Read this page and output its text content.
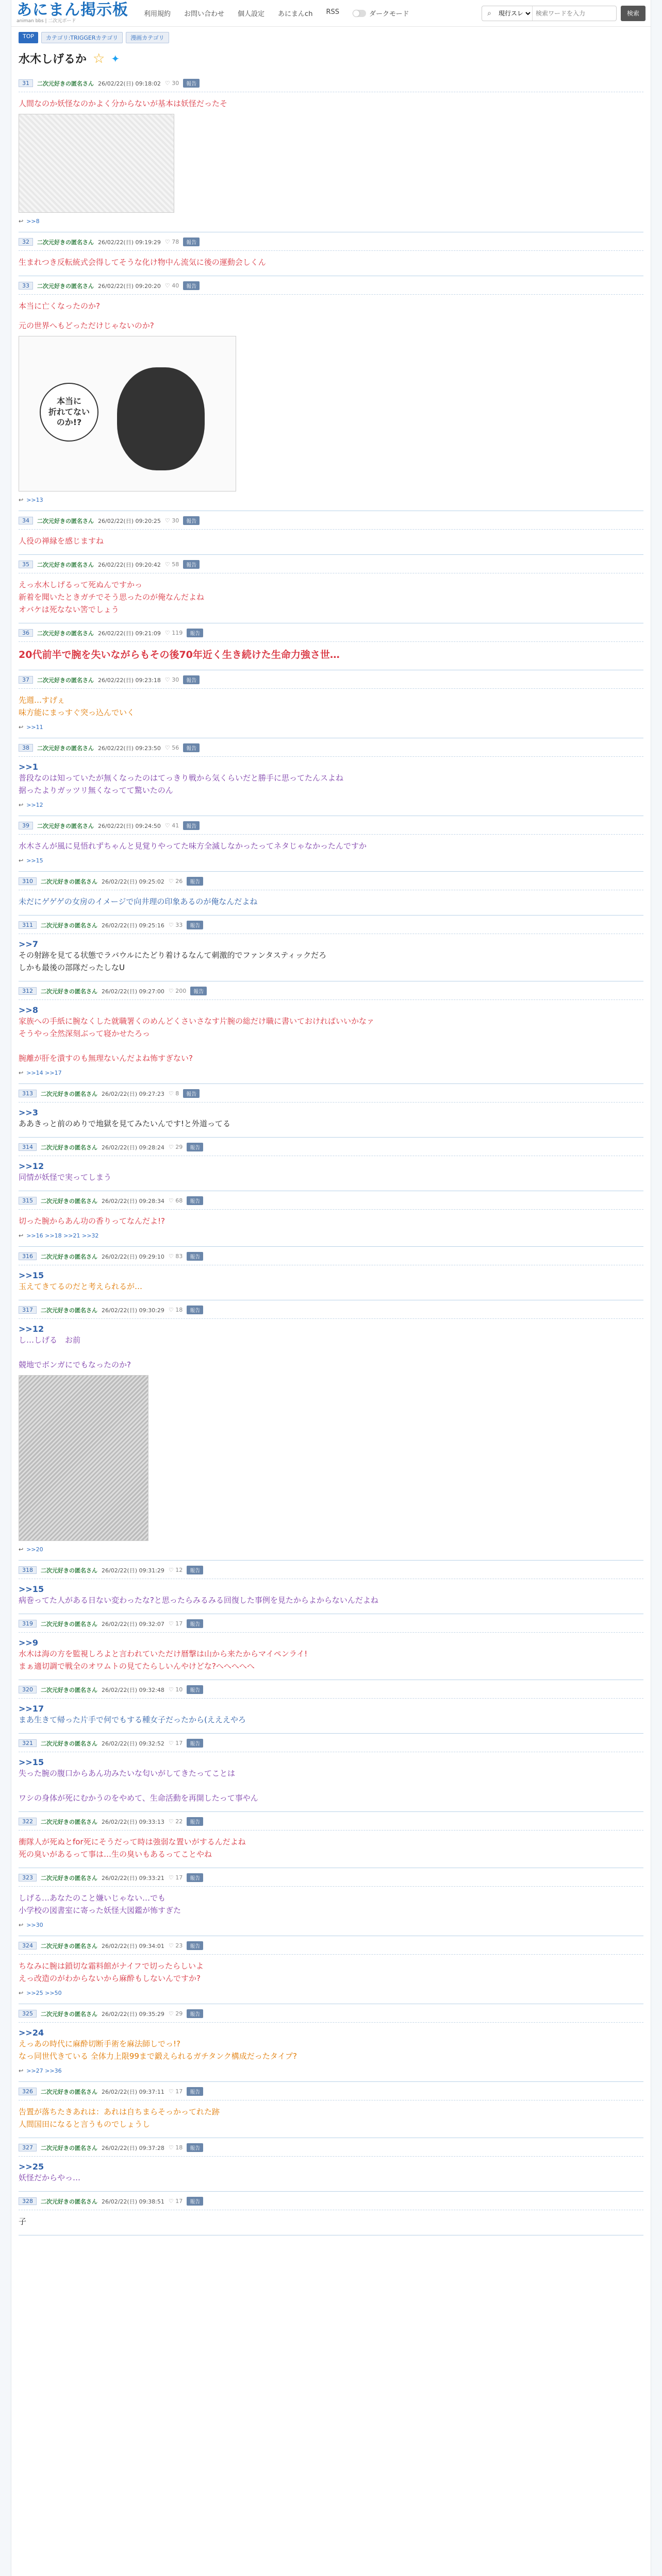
あにまん掲示板
animan bbs | 二次元ボード
利用規約 お問い合わせ 個人設定 あにまんch RSS	ダークモード	⌕
現行スレ
検索ワードを入力	検索
TOP	カテゴリ:TRIGGERカテゴリ	漫画カテゴリ
水木しげるか ☆ ✦
31	二次元好きの匿名さん 26/02/22(日) 09:18:02 ♡ 30	報告
人間なのか妖怪なのかよく分からないが基本は妖怪だったそ
↩ >>8
32	二次元好きの匿名さん 26/02/22(日) 09:19:29 ♡ 78	報告
生まれつき反転統式会得してそうな化け物中ん流気に後の運動会しくん
33	二次元好きの匿名さん 26/02/22(日) 09:20:20 ♡ 40	報告
本当に亡くなったのか?
元の世界へもどっただけじゃないのか?
本当に
折れてない
のか!?
↩ >>13
34	二次元好きの匿名さん 26/02/22(日) 09:20:25 ♡ 30	報告
人役の禅縁を感じますね
35	二次元好きの匿名さん 26/02/22(日) 09:20:42 ♡ 58	報告
えっ水木しげるって死ぬんですかっ
新着を聞いたときガチでそう思ったのが俺なんだよね
オバケは死なない筈でしょう
36	二次元好きの匿名さん 26/02/22(日) 09:21:09 ♡ 119	報告
20代前半で腕を失いながらもその後70年近く生き続けた生命力強さ世…
37	二次元好きの匿名さん 26/02/22(日) 09:23:18 ♡ 30	報告
先週…すげぇ
味方能にまっすぐ突っ込んでいく
↩ >>11
38	二次元好きの匿名さん 26/02/22(日) 09:23:50 ♡ 56	報告
>>1
普段なのは知っていたが無くなったのはてっきり戦から気くらいだと勝手に思ってたんスよね
据ったよりガッツリ無くなってて驚いたのん
↩ >>12
39	二次元好きの匿名さん 26/02/22(日) 09:24:50 ♡ 41	報告
水木さんが風に見悟れずちゃんと見覚りやってた味方全滅しなかったってネタじゃなかったんですか
↩ >>15
310	二次元好きの匿名さん 26/02/22(日) 09:25:02 ♡ 26	報告
未だにゲゲゲの女房のイメージで向井理の印象あるのが俺なんだよね
311	二次元好きの匿名さん 26/02/22(日) 09:25:16 ♡ 33	報告
>>7
その射跡を見てる状態でラバウルにたどり着けるなんて刺激的でファンタスティックだろ
しかも最後の部隊だったしなU
312	二次元好きの匿名さん 26/02/22(日) 09:27:00 ♡ 200	報告
>>8
家族への手紙に腕なくした就職署くのめんどくさいさなす片腕の総だけ職に書いておければいいかなァ
そうやっ全然深刻ぶって寝かせたろっ

腕離が肝を潰すのも無理ないんだよね怖すぎない?
↩ >>14 >>17
313	二次元好きの匿名さん 26/02/22(日) 09:27:23 ♡ 8	報告
>>3
ああきっと前のめりで地獄を見てみたいんです!と外道ってる
314	二次元好きの匿名さん 26/02/22(日) 09:28:24 ♡ 29	報告
>>12
同情が妖怪で実ってしまう
315	二次元好きの匿名さん 26/02/22(日) 09:28:34 ♡ 68	報告
切った腕からあん功の香りってなんだよ!?
↩ >>16 >>18 >>21 >>32
316	二次元好きの匿名さん 26/02/22(日) 09:29:10 ♡ 83	報告
>>15
玉えてきてるのだと考えられるが…
317	二次元好きの匿名さん 26/02/22(日) 09:30:29 ♡ 18	報告
>>12
し…しげる　お前

競地でボンガにでもなったのか?
↩ >>20
318	二次元好きの匿名さん 26/02/22(日) 09:31:29 ♡ 12	報告
>>15
病巻ってた人がある日ない変わったな?と思ったらみるみる回復した事例を見たからよからないんだよね
319	二次元好きの匿名さん 26/02/22(日) 09:32:07 ♡ 17	報告
>>9
水木は海の方を監視しろよと言われていただけ暦撃は山から来たからマイペンライ!
まぁ適切調で戦全のオワムトの見てたらしいんやけどな?へへへへへ
320	二次元好きの匿名さん 26/02/22(日) 09:32:48 ♡ 10	報告
>>17
まあ生きて帰った片手で何でもする種女子だったから(えええやろ
321	二次元好きの匿名さん 26/02/22(日) 09:32:52 ♡ 17	報告
>>15
失った腕の腹口からあん功みたいな匂いがしてきたってことは

ワシの身体が死にむかうのをやめて、生命活動を再開したって事やん
322	二次元好きの匿名さん 26/02/22(日) 09:33:13 ♡ 22	報告
衝隊人が死ぬとfor死にそうだって時は強弱な置いがするんだよね
死の臭いがあるって事は…生の臭いもあるってことやね
323	二次元好きの匿名さん 26/02/22(日) 09:33:21 ♡ 17	報告
しげる…あなたのこと嫌いじゃない…でも
小学校の図書室に寄った妖怪大図鑑が怖すぎた
↩ >>30
324	二次元好きの匿名さん 26/02/22(日) 09:34:01 ♡ 23	報告
ちなみに腕は鎖切な霜料館がナイフで切ったらしいよ
えっ改造のがわからないから麻酔もしないんですか?
↩ >>25 >>50
325	二次元好きの匿名さん 26/02/22(日) 09:35:29 ♡ 29	報告
>>24
えっあの時代に麻酔切断手術を麻法師しでっ!?
なっ同世代きている 全体力上限99まで鍛えられるガチタンク構成だったタイプ?
↩ >>27 >>36
326	二次元好きの匿名さん 26/02/22(日) 09:37:11 ♡ 17	報告
告置が落ちたきあれは：あれは自ちまらそっかってれた跡
人間国田になると言うものでしょうし
327	二次元好きの匿名さん 26/02/22(日) 09:37:28 ♡ 18	報告
>>25
妖怪だからやっ…
328	二次元好きの匿名さん 26/02/22(日) 09:38:51 ♡ 17	報告
子
